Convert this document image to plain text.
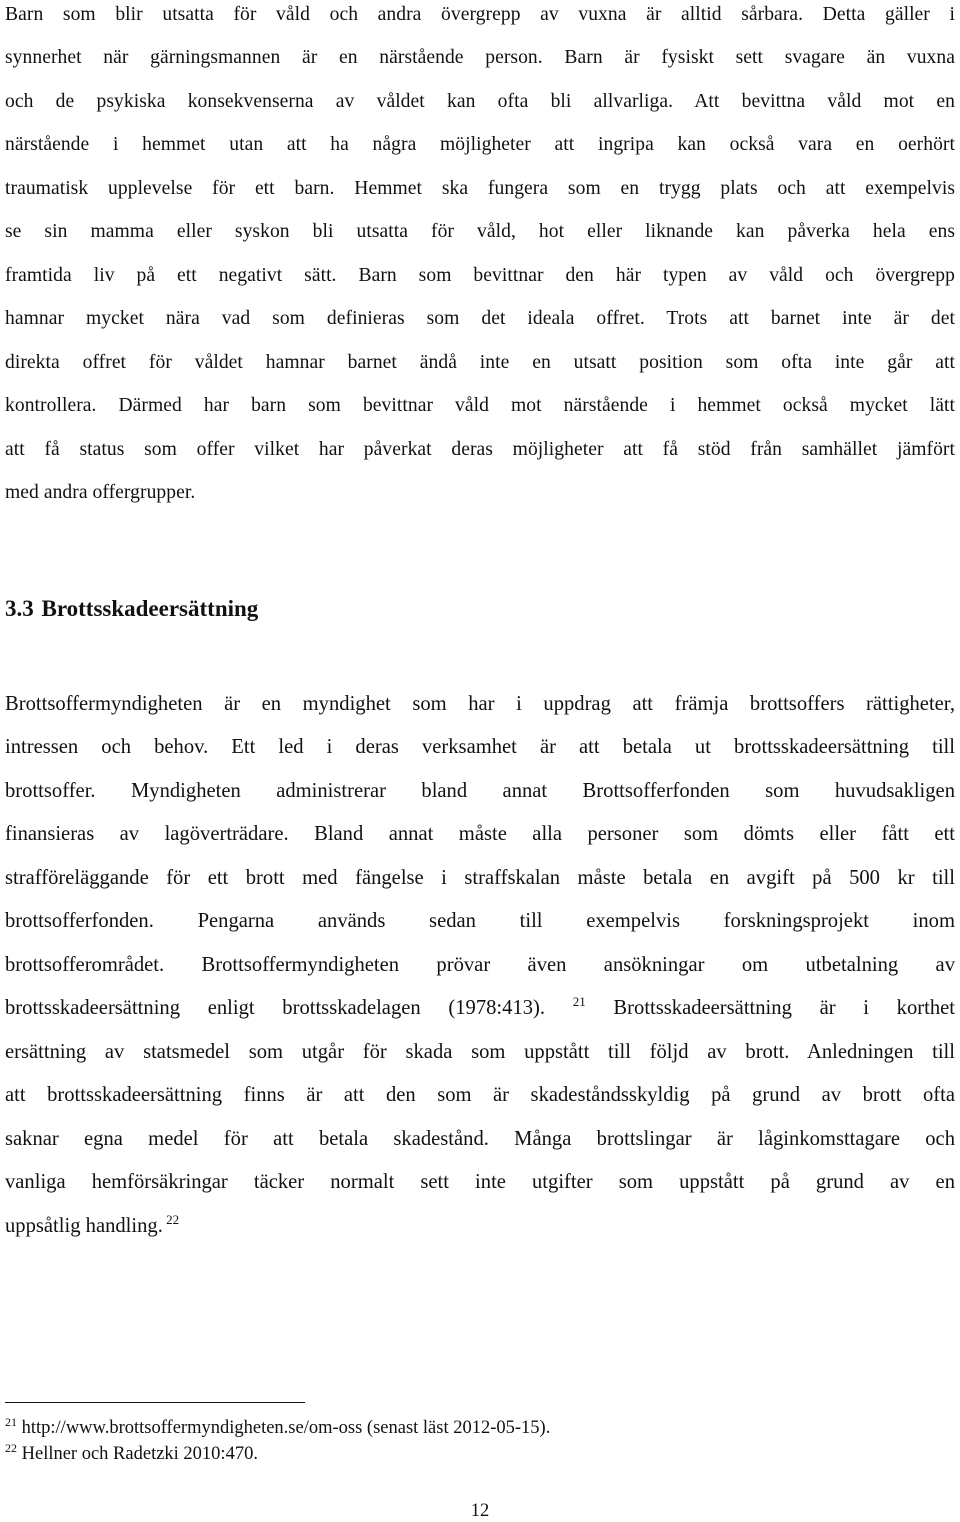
Barn som blir utsatta för våld och andra övergrepp av vuxna är alltid sårbara. Detta gäller i
synnerhet när gärningsmannen är en närstående person. Barn är fysiskt sett svagare än vuxna
och de psykiska konsekvenserna av våldet kan ofta bli allvarliga. Att bevittna våld mot en
närstående i hemmet utan att ha några möjligheter att ingripa kan också vara en oerhört
traumatisk upplevelse för ett barn. Hemmet ska fungera som en trygg plats och att exempelvis
se sin mamma eller syskon bli utsatta för våld, hot eller liknande kan påverka hela ens
framtida liv på ett negativt sätt. Barn som bevittnar den här typen av våld och övergrepp
hamnar mycket nära vad som definieras som det ideala offret. Trots att barnet inte är det
direkta offret för våldet hamnar barnet ändå inte en utsatt position som ofta inte går att
kontrollera. Därmed har barn som bevittnar våld mot närstående i hemmet också mycket lätt
att få status som offer vilket har påverkat deras möjligheter att få stöd från samhället jämfört
med andra offergrupper.
3.3 Brottsskadeersättning
Brottsoffermyndigheten är en myndighet som har i uppdrag att främja brottsoffers rättigheter,
intressen och behov. Ett led i deras verksamhet är att betala ut brottsskadeersättning till
brottsoffer. Myndigheten administrerar bland annat Brottsofferfonden som huvudsakligen
finansieras av lagöverträdare. Bland annat måste alla personer som dömts eller fått ett
strafföreläggande för ett brott med fängelse i straffskalan måste betala en avgift på 500 kr till
brottsofferfonden. Pengarna används sedan till exempelvis forskningsprojekt inom
brottsofferområdet. Brottsoffermyndigheten prövar även ansökningar om utbetalning av
brottsskadeersättning enligt brottsskadelagen (1978:413). $^{21}$ Brottsskadeersättning är i korthet
ersättning av statsmedel som utgår för skada som uppstått till följd av brott. Anledningen till
att brottsskadeersättning finns är att den som är skadeståndsskyldig på grund av brott ofta
saknar egna medel för att betala skadestånd. Många brottslingar är låginkomsttagare och
vanliga hemförsäkringar täcker normalt sett inte utgifter som uppstått på grund av en
uppsåtlig handling. $^{22}$
$^{21}$ http://www.brottsoffermyndigheten.se/om-oss (senast läst 2012-05-15).
$^{22}$ Hellner och Radetzki 2010:470.
12
